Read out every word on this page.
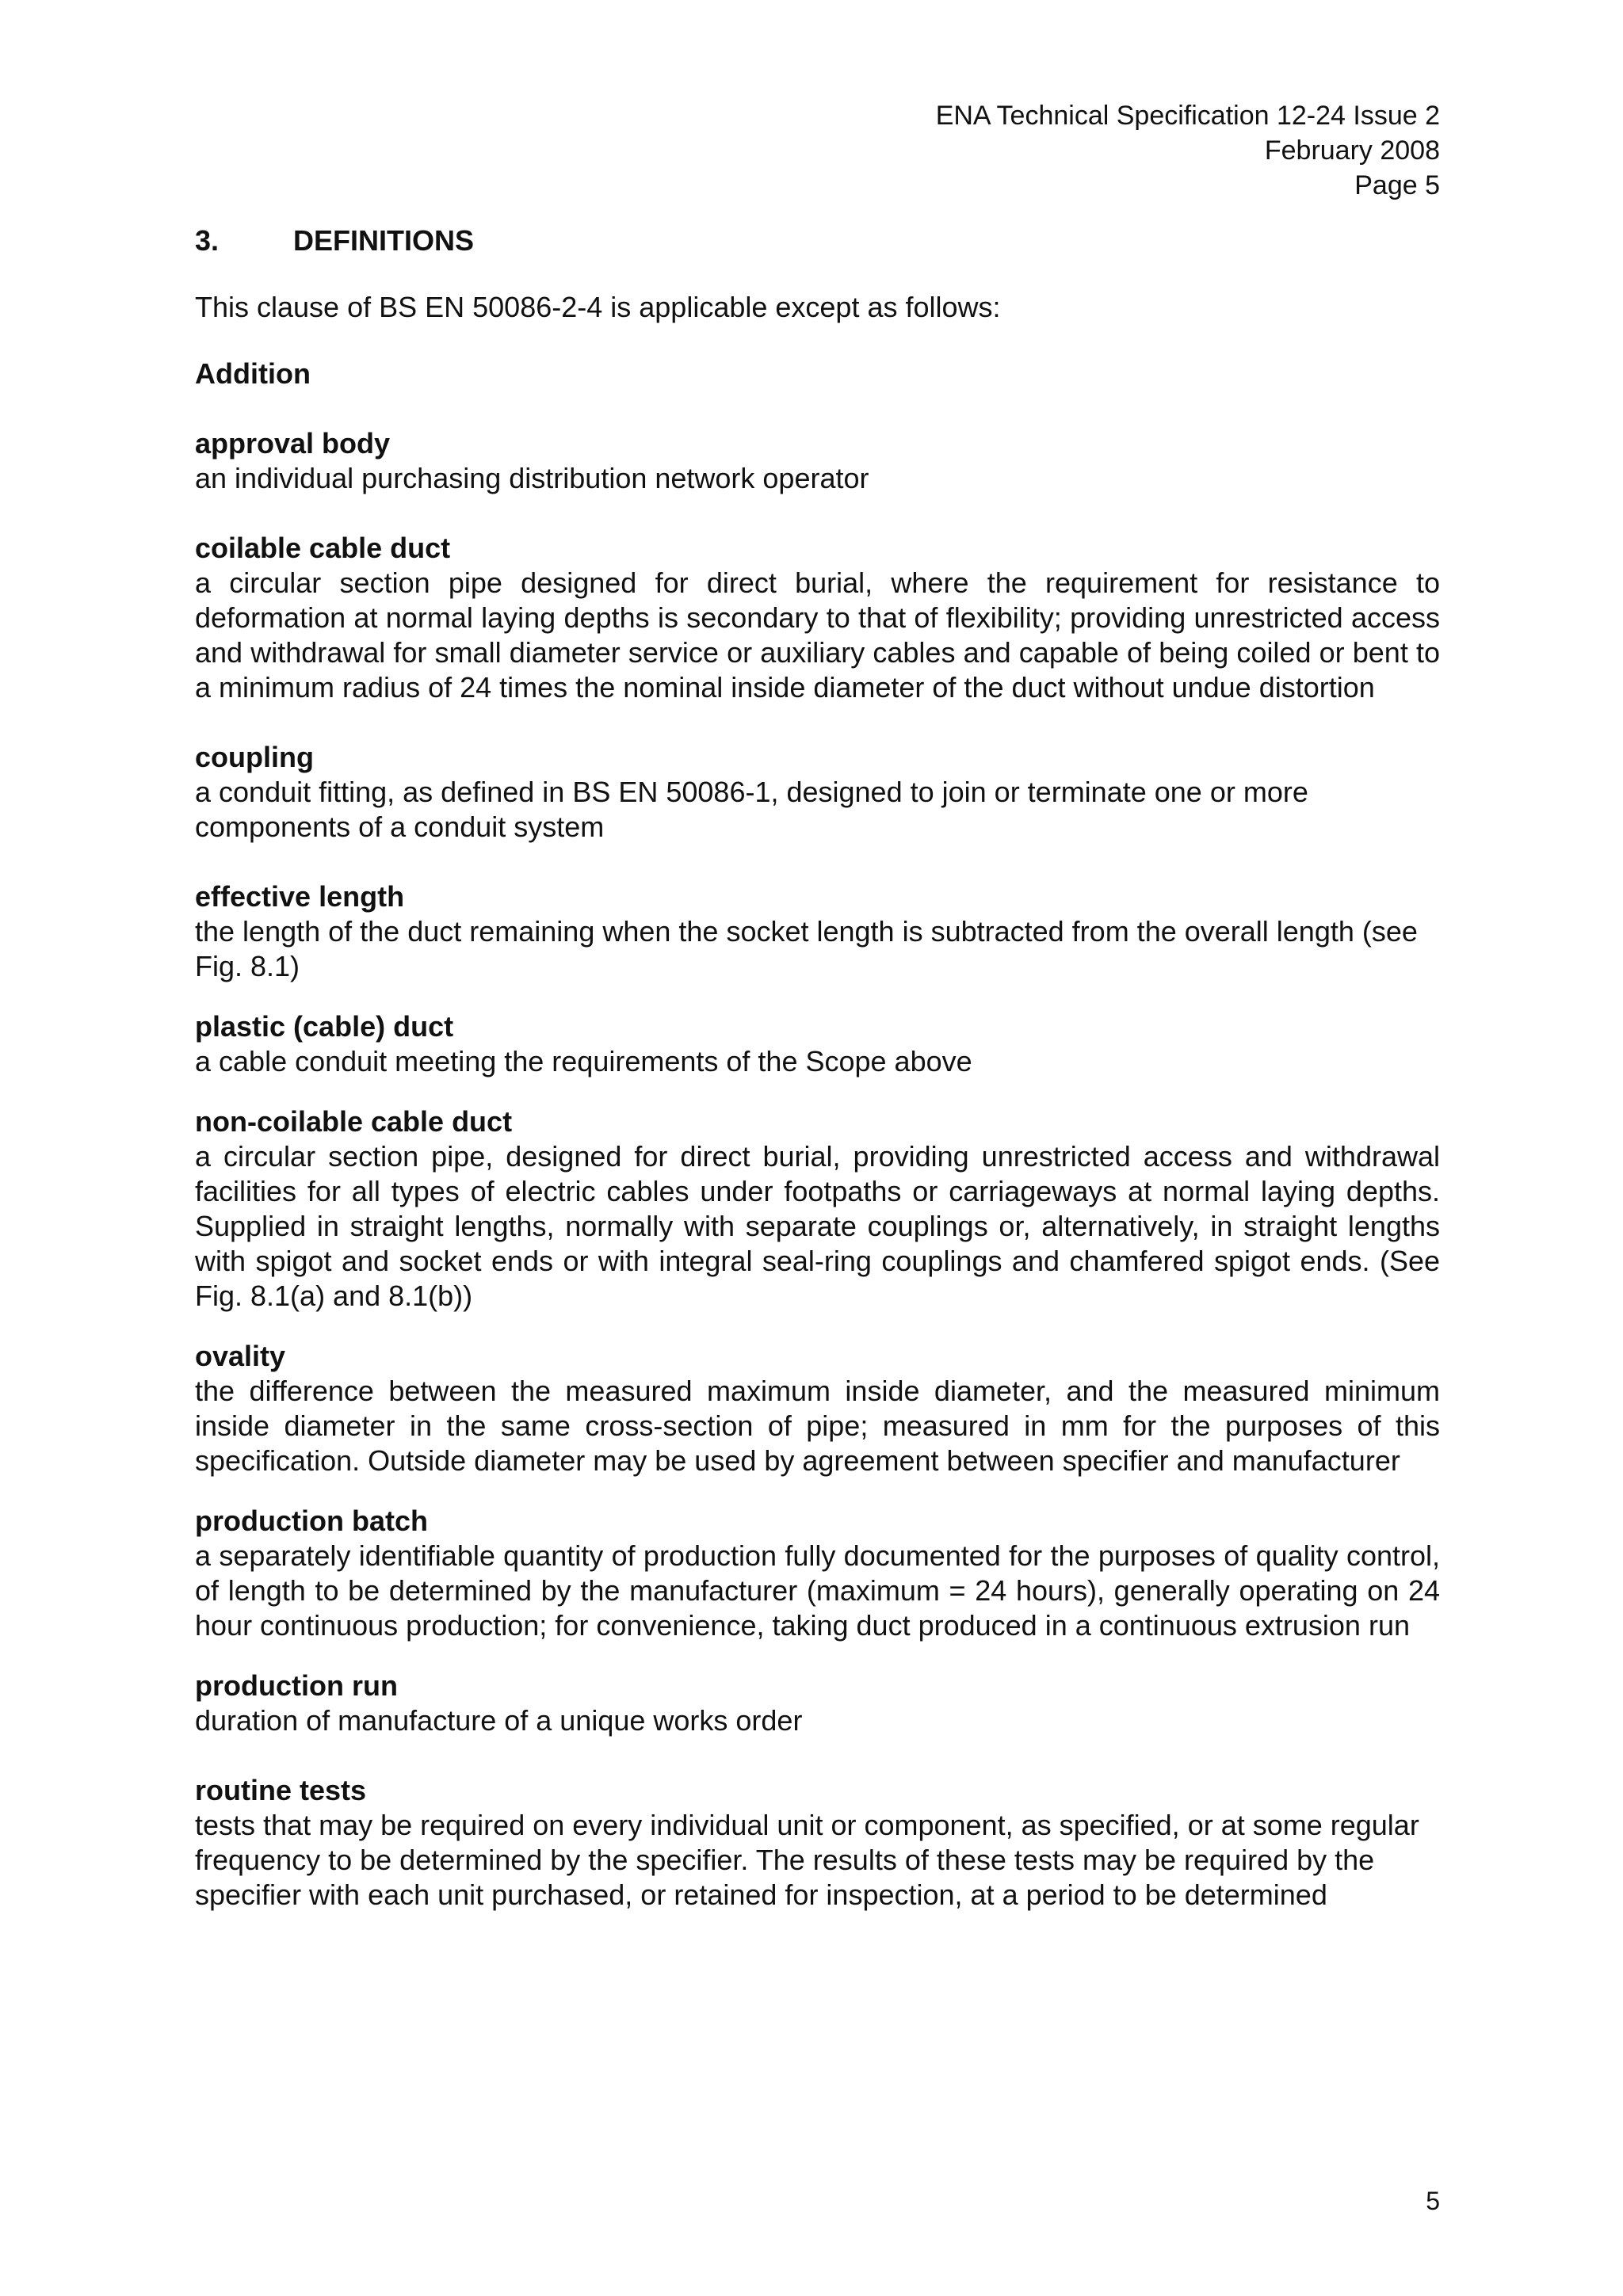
ENA Technical Specification 12-24 Issue 2
February 2008
Page 5
3.	DEFINITIONS
This clause of BS EN 50086-2-4 is applicable except as follows:
Addition
approval body
an individual purchasing distribution network operator
coilable cable duct
a circular section pipe designed for direct burial, where the requirement for resistance to deformation at normal laying depths is secondary to that of flexibility; providing unrestricted access and withdrawal for small diameter service or auxiliary cables and capable of being coiled or bent to a minimum radius of 24 times the nominal inside diameter of the duct without undue distortion
coupling
a conduit fitting, as defined in BS EN 50086-1, designed to join or terminate one or more components of a conduit system
effective length
the length of the duct remaining when the socket length is subtracted from the overall length (see Fig. 8.1)
plastic (cable) duct
a cable conduit meeting the requirements of the Scope above
non-coilable cable duct
a circular section pipe, designed for direct burial, providing unrestricted access and withdrawal facilities for all types of electric cables under footpaths or carriageways at normal laying depths. Supplied in straight lengths, normally with separate couplings or, alternatively, in straight lengths with spigot and socket ends or with integral seal-ring couplings and chamfered spigot ends. (See Fig. 8.1(a) and 8.1(b))
ovality
the difference between the measured maximum inside diameter, and the measured minimum inside diameter in the same cross-section of pipe; measured in mm for the purposes of this specification. Outside diameter may be used by agreement between specifier and manufacturer
production batch
a separately identifiable quantity of production fully documented for the purposes of quality control, of length to be determined by the manufacturer (maximum = 24 hours), generally operating on 24 hour continuous production; for convenience, taking duct produced in a continuous extrusion run
production run
duration of manufacture of a unique works order
routine tests
tests that may be required on every individual unit or component, as specified, or at some regular frequency to be determined by the specifier. The results of these tests may be required by the specifier with each unit purchased, or retained for inspection, at a period to be determined
5
